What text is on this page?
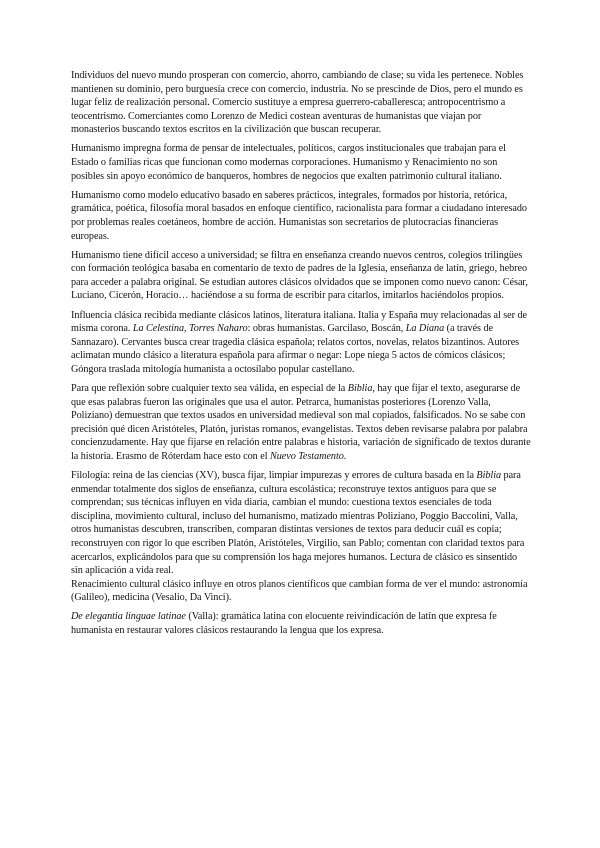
Individuos del nuevo mundo prosperan con comercio, ahorro, cambiando de clase; su vida les pertenece. Nobles mantienen su dominio, pero burguesía crece con comercio, industria. No se prescinde de Dios, pero el mundo es lugar feliz de realización personal. Comercio sustituye a empresa guerrero-caballeresca; antropocentrismo a teocentrismo. Comerciantes como Lorenzo de Medici costean aventuras de humanistas que viajan por monasterios buscando textos escritos en la civilización que buscan recuperar.

Humanismo impregna forma de pensar de intelectuales, políticos, cargos institucionales que trabajan para el Estado o familias ricas que funcionan como modernas corporaciones. Humanismo y Renacimiento no son posibles sin apoyo económico de banqueros, hombres de negocios que exalten patrimonio cultural italiano.

Humanismo como modelo educativo basado en saberes prácticos, integrales, formados por historia, retórica, gramática, poética, filosofía moral basados en enfoque científico, racionalista para formar a ciudadano interesado por problemas reales coetáneos, hombre de acción. Humanistas son secretarios de plutocracias financieras europeas.

Humanismo tiene difícil acceso a universidad; se filtra en enseñanza creando nuevos centros, colegios trilingües con formación teológica basaba en comentario de texto de padres de la Iglesia, enseñanza de latín, griego, hebreo para acceder a palabra original. Se estudian autores clásicos olvidados que se imponen como nuevo canon: César, Luciano, Cicerón, Horacio… haciéndose a su forma de escribir para citarlos, imitarlos haciéndolos propios.

Influencia clásica recibida mediante clásicos latinos, literatura italiana. Italia y España muy relacionadas al ser de misma corona. La Celestina, Torres Naharo: obras humanistas. Garcilaso, Boscán, La Diana (a través de Sannazaro). Cervantes busca crear tragedia clásica española; relatos cortos, novelas, relatos bizantinos. Autores aclimatan mundo clásico a literatura española para afirmar o negar: Lope niega 5 actos de cómicos clásicos; Góngora traslada mitología humanista a octosílabo popular castellano.

Para que reflexión sobre cualquier texto sea válida, en especial de la Biblia, hay que fijar el texto, asegurarse de que esas palabras fueron las originales que usa el autor. Petrarca, humanistas posteriores (Lorenzo Valla, Poliziano) demuestran que textos usados en universidad medieval son mal copiados, falsificados. No se sabe con precisión qué dicen Aristóteles, Platón, juristas romanos, evangelistas. Textos deben revisarse palabra por palabra concienzudamente. Hay que fijarse en relación entre palabras e historia, variación de significado de textos durante la historia. Erasmo de Róterdam hace esto con el Nuevo Testamento.

Filología: reina de las ciencias (XV), busca fijar, limpiar impurezas y errores de cultura basada en la Biblia para enmendar totalmente dos siglos de enseñanza, cultura escolástica; reconstruye textos antiguos para que se comprendan; sus técnicas influyen en vida diaria, cambian el mundo: cuestiona textos esenciales de toda disciplina, movimiento cultural, incluso del humanismo, matizado mientras Poliziano, Poggio Baccolini, Valla, otros humanistas descubren, transcriben, comparan distintas versiones de textos para deducir cuál es copia; reconstruyen con rigor lo que escriben Platón, Aristóteles, Virgilio, san Pablo; comentan con claridad textos para acercarlos, explicándolos para que su comprensión los haga mejores humanos. Lectura de clásico es sinsentido sin aplicación a vida real.

Renacimiento cultural clásico influye en otros planos científicos que cambian forma de ver el mundo: astronomía (Galileo), medicina (Vesalio, Da Vinci).

De elegantia linguae latinae (Valla): gramática latina con elocuente reivindicación de latín que expresa fe humanista en restaurar valores clásicos restaurando la lengua que los expresa.
